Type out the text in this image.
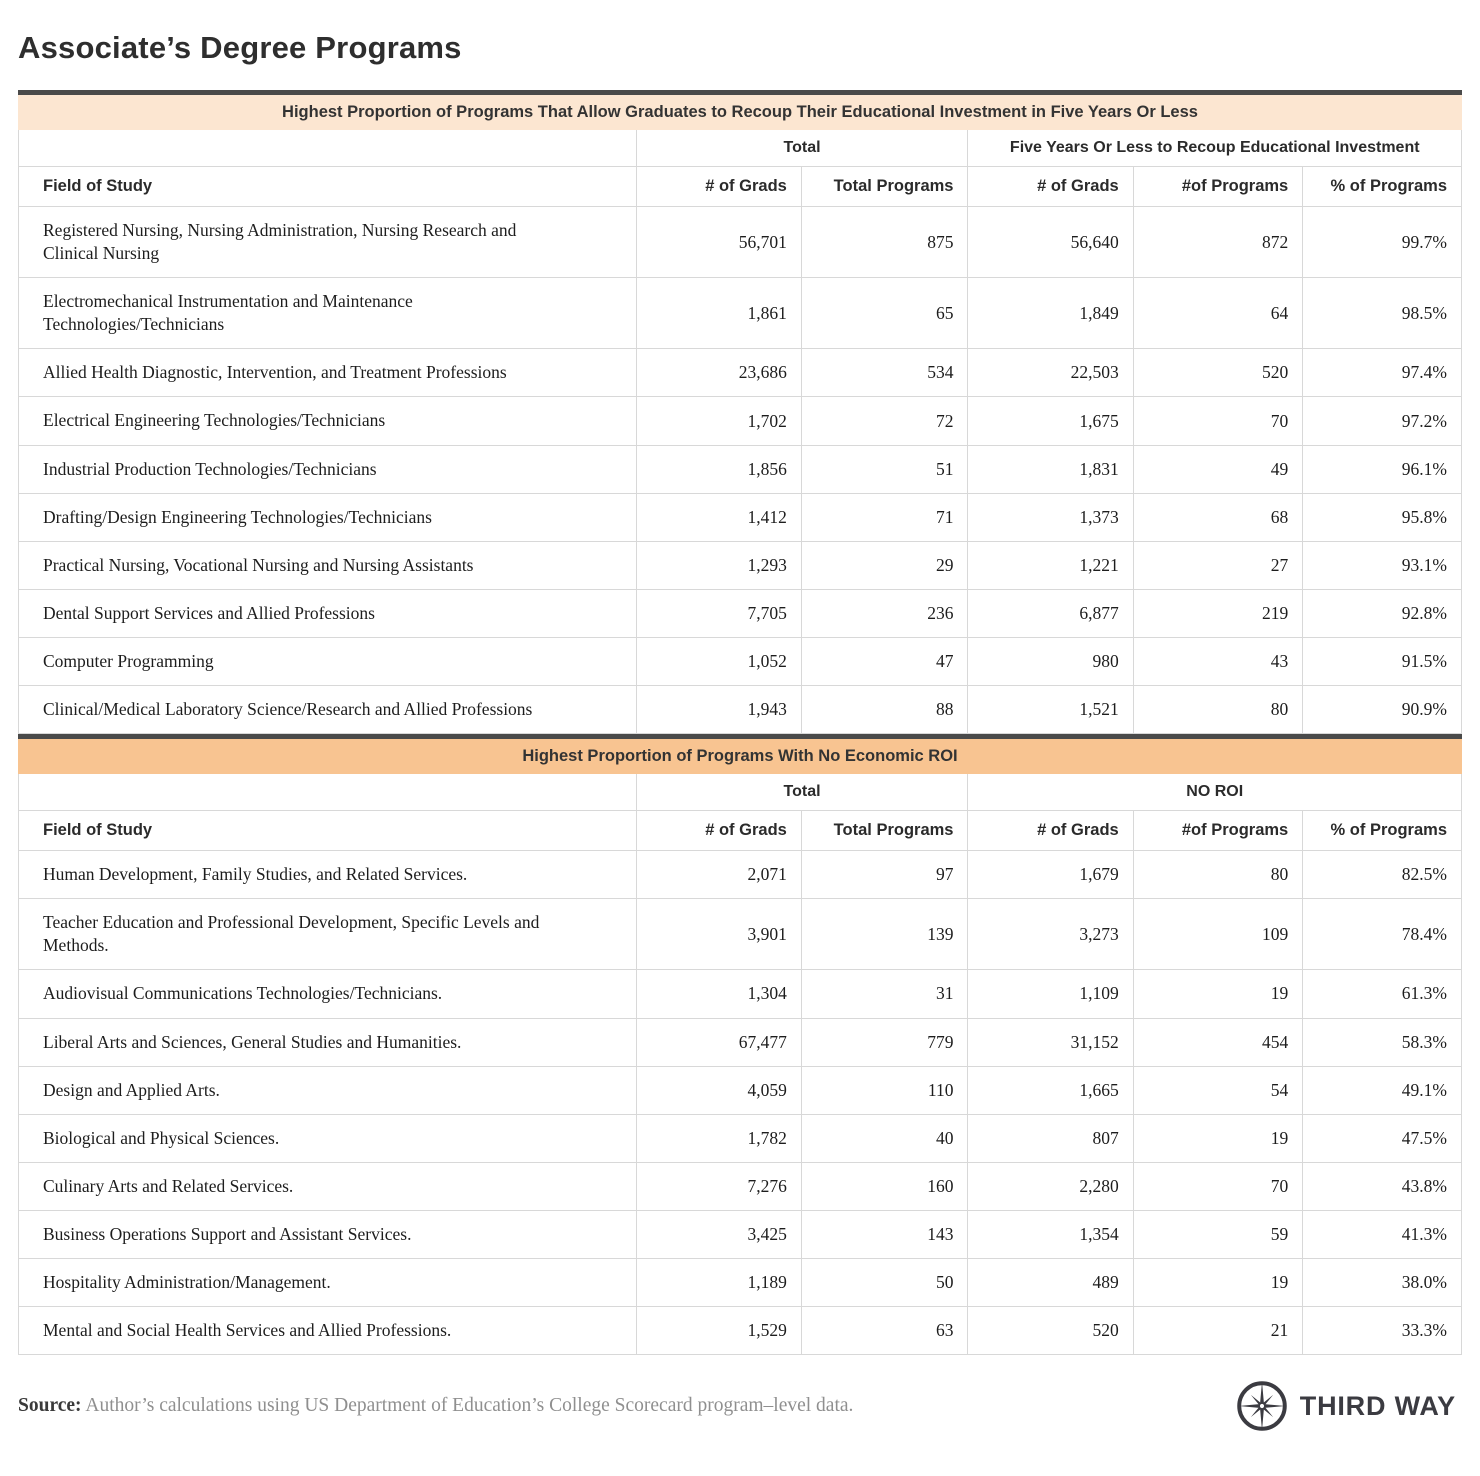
Associate’s Degree Programs
Highest Proportion of Programs That Allow Graduates to Recoup Their Educational Investment in Five Years Or Less
	Total		Five Years Or Less to Recoup Educational Investment		
Field of Study	# of Grads	Total Programs	# of Grads	#of Programs	% of Programs
Registered Nursing, Nursing Administration, Nursing Research and Clinical Nursing	56,701	875	56,640	872	99.7%
Electromechanical Instrumentation and Maintenance Technologies/Technicians	1,861	65	1,849	64	98.5%
Allied Health Diagnostic, Intervention, and Treatment Professions	23,686	534	22,503	520	97.4%
Electrical Engineering Technologies/Technicians	1,702	72	1,675	70	97.2%
Industrial Production Technologies/Technicians	1,856	51	1,831	49	96.1%
Drafting/Design Engineering Technologies/Technicians	1,412	71	1,373	68	95.8%
Practical Nursing, Vocational Nursing and Nursing Assistants	1,293	29	1,221	27	93.1%
Dental Support Services and Allied Professions	7,705	236	6,877	219	92.8%
Computer Programming	1,052	47	980	43	91.5%
Clinical/Medical Laboratory Science/Research and Allied Professions	1,943	88	1,521	80	90.9%
Highest Proportion of Programs With No Economic ROI
	Total		NO ROI		
Field of Study	# of Grads	Total Programs	# of Grads	#of Programs	% of Programs
Human Development, Family Studies, and Related Services.	2,071	97	1,679	80	82.5%
Teacher Education and Professional Development, Specific Levels and Methods.	3,901	139	3,273	109	78.4%
Audiovisual Communications Technologies/Technicians.	1,304	31	1,109	19	61.3%
Liberal Arts and Sciences, General Studies and Humanities.	67,477	779	31,152	454	58.3%
Design and Applied Arts.	4,059	110	1,665	54	49.1%
Biological and Physical Sciences.	1,782	40	807	19	47.5%
Culinary Arts and Related Services.	7,276	160	2,280	70	43.8%
Business Operations Support and Assistant Services.	3,425	143	1,354	59	41.3%
Hospitality Administration/Management.	1,189	50	489	19	38.0%
Mental and Social Health Services and Allied Professions.	1,529	63	520	21	33.3%

Source: Author’s calculations using US Department of Education’s College Scorecard program–level data.	THIRD WAY
